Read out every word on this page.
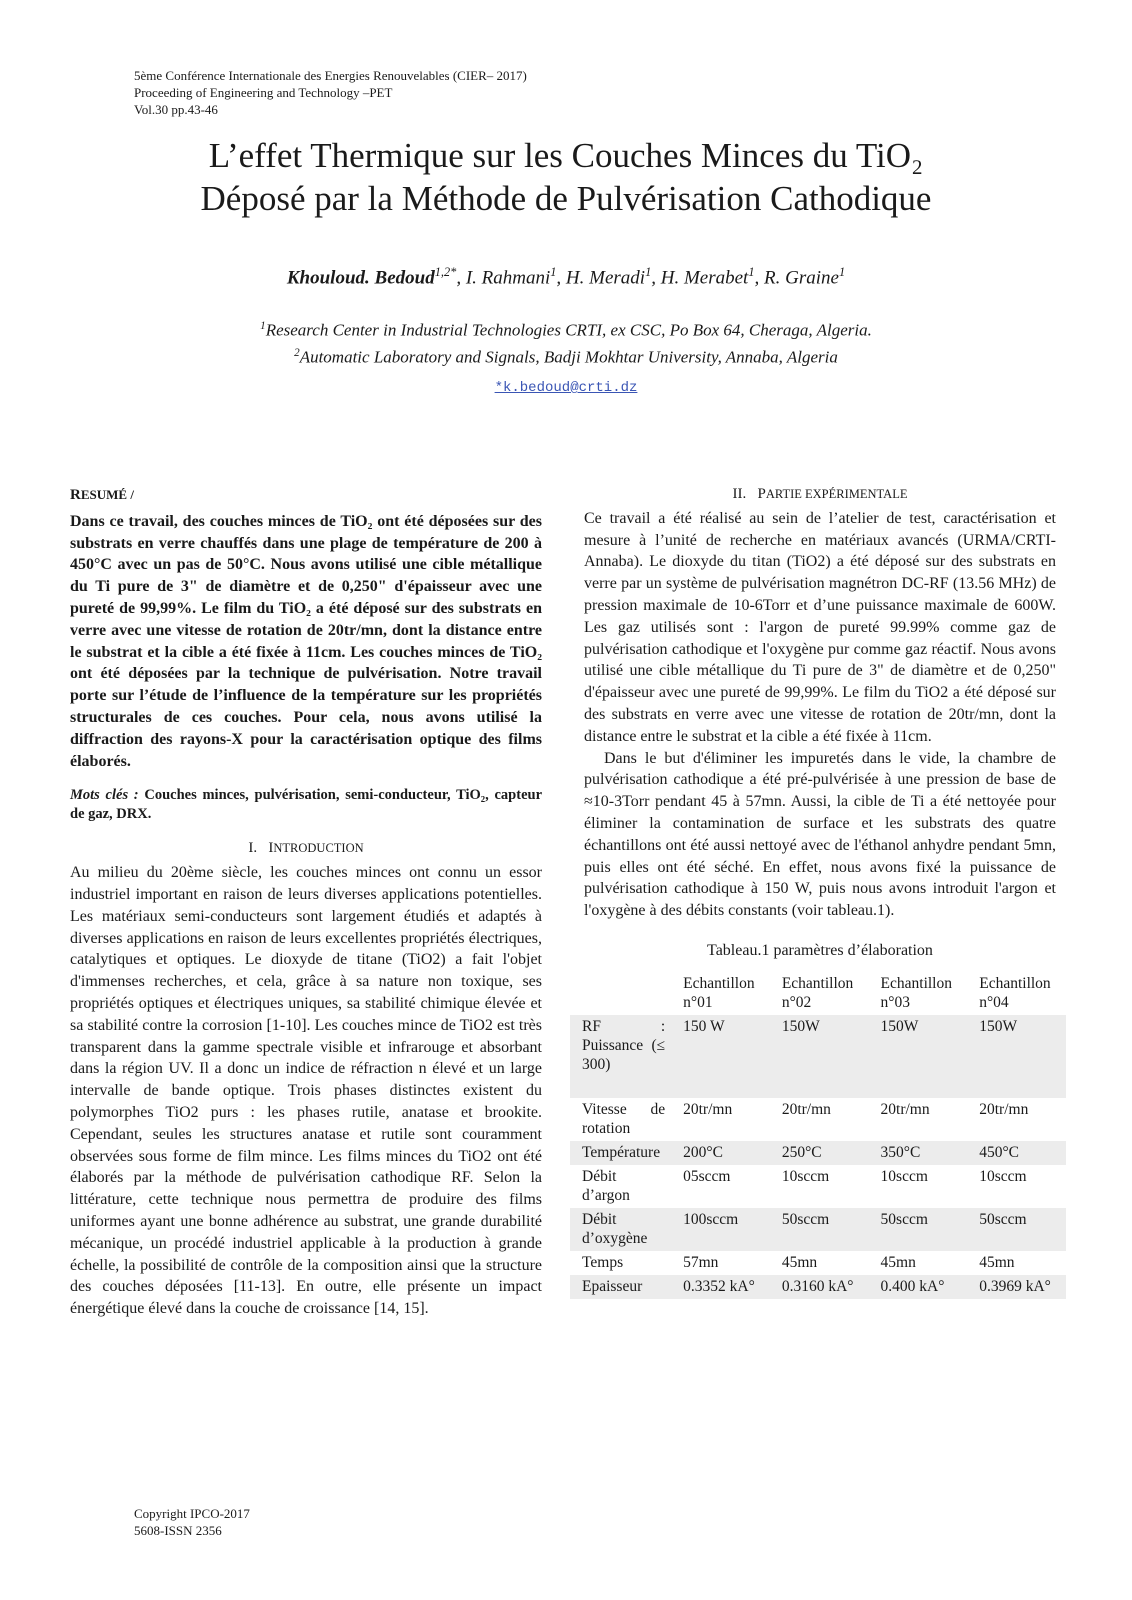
5ème Conférence Internationale des Energies Renouvelables (CIER– 2017)
Proceeding of Engineering and Technology –PET
Vol.30 pp.43-46
L’effet Thermique sur les Couches Minces du TiO₂
Déposé par la Méthode de Pulvérisation Cathodique
Khouloud. Bedoud$^{1,2*}$, I. Rahmani$^1$, H. Meradi$^1$, H. Merabet$^1$, R. Graine$^1$
$^1$Research Center in Industrial Technologies CRTI, ex CSC, Po Box 64, Cheraga, Algeria.
$^2$Automatic Laboratory and Signals, Badji Mokhtar University, Annaba, Algeria
*k.bedoud@crti.dz

RESUMÉ /

Dans ce travail, des couches minces de TiO₂ ont été déposées sur des substrats en verre chauffés dans une plage de température de 200 à 450°C avec un pas de 50°C. Nous avons utilisé une cible métallique du Ti pure de 3" de diamètre et de 0,250" d'épaisseur avec une pureté de 99,99%. Le film du TiO₂ a été déposé sur des substrats en verre avec une vitesse de rotation de 20tr/mn, dont la distance entre le substrat et la cible a été fixée à 11cm. Les couches minces de TiO₂ ont été déposées par la technique de pulvérisation. Notre travail porte sur l’étude de l’influence de la température sur les propriétés structurales de ces couches. Pour cela, nous avons utilisé la diffraction des rayons-X pour la caractérisation optique des films élaborés.

Mots clés : Couches minces, pulvérisation, semi-conducteur, TiO₂, capteur de gaz, DRX.

I. INTRODUCTION

Au milieu du 20ème siècle, les couches minces ont connu un essor industriel important en raison de leurs diverses applications potentielles. Les matériaux semi-conducteurs sont largement étudiés et adaptés à diverses applications en raison de leurs excellentes propriétés électriques, catalytiques et optiques. Le dioxyde de titane (TiO2) a fait l'objet d'immenses recherches, et cela, grâce à sa nature non toxique, ses propriétés optiques et électriques uniques, sa stabilité chimique élevée et sa stabilité contre la corrosion [1-10]. Les couches mince de TiO2 est très transparent dans la gamme spectrale visible et infrarouge et absorbant dans la région UV. Il a donc un indice de réfraction n élevé et un large intervalle de bande optique. Trois phases distinctes existent du polymorphes TiO2 purs : les phases rutile, anatase et brookite. Cependant, seules les structures anatase et rutile sont couramment observées sous forme de film mince. Les films minces du TiO2 ont été élaborés par la méthode de pulvérisation cathodique RF. Selon la littérature, cette technique nous permettra de produire des films uniformes ayant une bonne adhérence au substrat, une grande durabilité mécanique, un procédé industriel applicable à la production à grande échelle, la possibilité de contrôle de la composition ainsi que la structure des couches déposées [11-13]. En outre, elle présente un impact énergétique élevé dans la couche de croissance [14, 15].

II. PARTIE EXPÉRIMENTALE

Ce travail a été réalisé au sein de l’atelier de test, caractérisation et mesure à l’unité de recherche en matériaux avancés (URMA/CRTI-Annaba). Le dioxyde du titan (TiO2) a été déposé sur des substrats en verre par un système de pulvérisation magnétron DC-RF (13.56 MHz) de pression maximale de 10-6Torr et d’une puissance maximale de 600W. Les gaz utilisés sont : l'argon de pureté 99.99% comme gaz de pulvérisation cathodique et l'oxygène pur comme gaz réactif. Nous avons utilisé une cible métallique du Ti pure de 3" de diamètre et de 0,250" d'épaisseur avec une pureté de 99,99%. Le film du TiO2 a été déposé sur des substrats en verre avec une vitesse de rotation de 20tr/mn, dont la distance entre le substrat et la cible a été fixée à 11cm.

Dans le but d'éliminer les impuretés dans le vide, la chambre de pulvérisation cathodique a été pré-pulvérisée à une pression de base de ≈10-3Torr pendant 45 à 57mn. Aussi, la cible de Ti a été nettoyée pour éliminer la contamination de surface et les substrats des quatre échantillons ont été aussi nettoyé avec de l'éthanol anhydre pendant 5mn, puis elles ont été séché. En effet, nous avons fixé la puissance de pulvérisation cathodique à 150 W, puis nous avons introduit l'argon et l'oxygène à des débits constants (voir tableau.1).

Tableau.1 paramètres d’élaboration

	Echantillon n°01	Echantillon n°02	Echantillon n°03	Echantillon n°04
RF : Puissance (≤ 300)	150 W	150W	150W	150W
Vitesse de rotation	20tr/mn	20tr/mn	20tr/mn	20tr/mn
Température	200°C	250°C	350°C	450°C
Débit d’argon	05sccm	10sccm	10sccm	10sccm
Débit d’oxygène	100sccm	50sccm	50sccm	50sccm
Temps	57mn	45mn	45mn	45mn
Epaisseur	0.3352 kA°	0.3160 kA°	0.400 kA°	0.3969 kA°
Copyright IPCO-2017
5608-ISSN 2356
